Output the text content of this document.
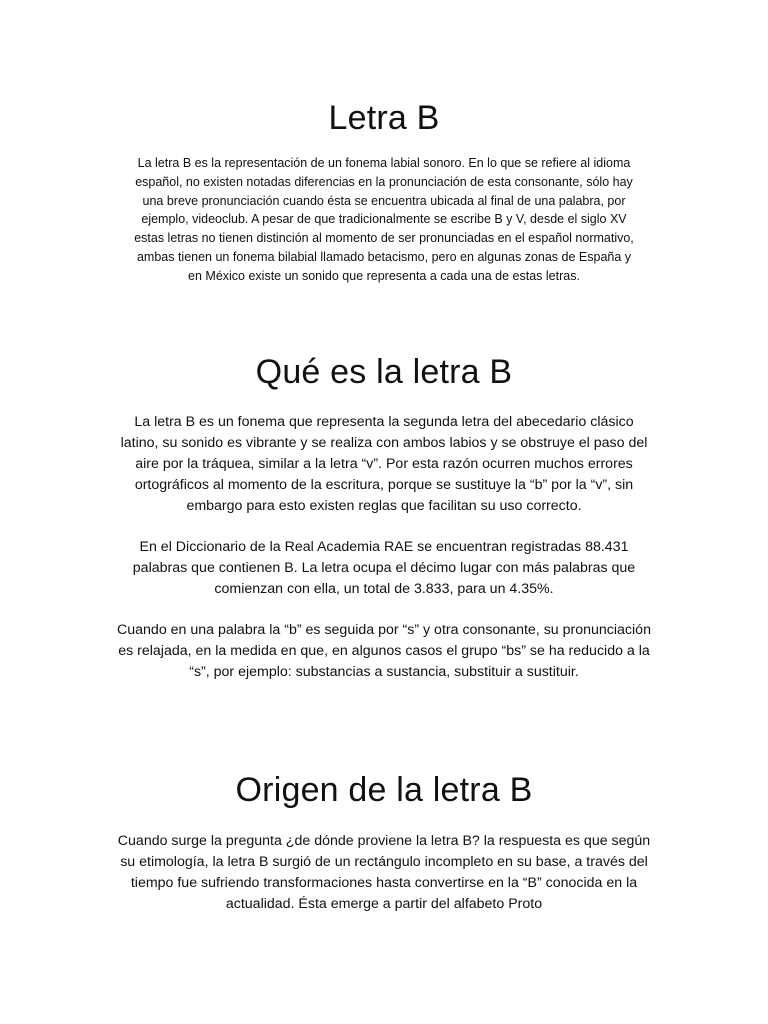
Letra B

La letra B es la representación de un fonema labial sonoro. En lo que se refiere al idioma español, no existen notadas diferencias en la pronunciación de esta consonante, sólo hay una breve pronunciación cuando ésta se encuentra ubicada al final de una palabra, por ejemplo, videoclub. A pesar de que tradicionalmente se escribe B y V, desde el siglo XV estas letras no tienen distinción al momento de ser pronunciadas en el español normativo, ambas tienen un fonema bilabial llamado betacismo, pero en algunas zonas de España y en México existe un sonido que representa a cada una de estas letras.

Qué es la letra B

La letra B es un fonema que representa la segunda letra del abecedario clásico latino, su sonido es vibrante y se realiza con ambos labios y se obstruye el paso del aire por la tráquea, similar a la letra “v”. Por esta razón ocurren muchos errores ortográficos al momento de la escritura, porque se sustituye la “b” por la “v”, sin embargo para esto existen reglas que facilitan su uso correcto.

En el Diccionario de la Real Academia RAE se encuentran registradas 88.431 palabras que contienen B. La letra ocupa el décimo lugar con más palabras que comienzan con ella, un total de 3.833, para un 4.35%.

Cuando en una palabra la “b” es seguida por “s” y otra consonante, su pronunciación es relajada, en la medida en que, en algunos casos el grupo “bs” se ha reducido a la “s”, por ejemplo: substancias a sustancia, substituir a sustituir.

Origen de la letra B

Cuando surge la pregunta ¿de dónde proviene la letra B? la respuesta es que según su etimología, la letra B surgió de un rectángulo incompleto en su base, a través del tiempo fue sufriendo transformaciones hasta convertirse en la “B” conocida en la actualidad. Ésta emerge a partir del alfabeto Proto
